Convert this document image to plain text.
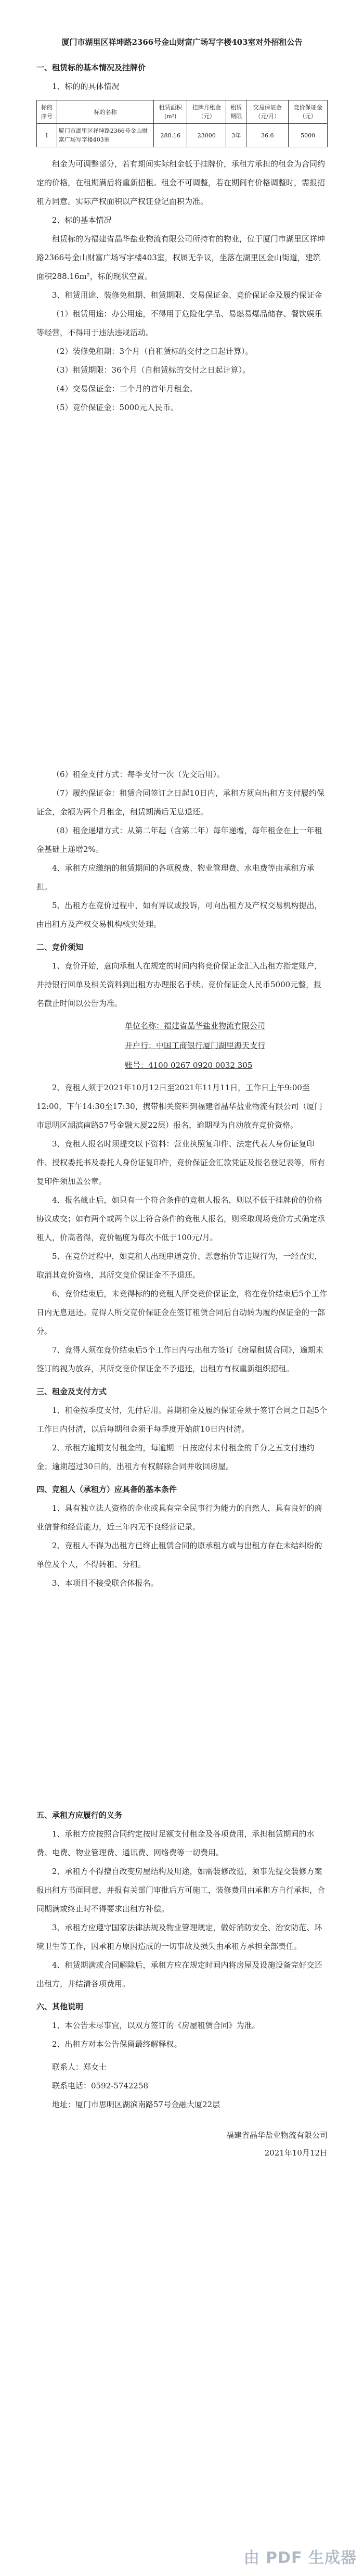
厦门市湖里区祥坤路2366号金山财富广场写字楼403室对外招租公告

一、租赁标的基本情况及挂牌价

1、标的的具体情况

标的序号	标的名称	租赁面积(m²)	挂牌月租金（元）	租赁期限	交易保证金（元/月）	竞价保证金（元）
1	厦门市湖里区祥坤路2366号金山财富广场写字楼403室	288.16	23000	3年	36.6	5000

租金为可调整部分，若有期间实际租金低于挂牌价，承租方承担的租金为合同约定的价格，在租期满后将重新招租。租金不可调整，若在期间有价格调整时，需报招租方同意。实际产权面积以产权证登记面积为准。

2、标的基本情况

租赁标的为福建省晶华盐业物流有限公司所持有的物业，位于厦门市湖里区祥坤路2366号金山财富广场写字楼403室，权属无争议，坐落在湖里区金山街道，建筑面积288.16m²，标的现状空置。

3、租赁用途、装修免租期、租赁期限、交易保证金、竞价保证金及履约保证金

（1）租赁用途：办公用途，不得用于危险化学品、易燃易爆品储存、餐饮娱乐等经营，不得用于违法违规活动。

（2）装修免租期：3个月（自租赁标的交付之日起计算）。

（3）租赁期限：36个月（自租赁标的交付之日起计算）。

（4）交易保证金：二个月的首年月租金。

（5）竞价保证金：5000元人民币。

（6）租金支付方式：每季支付一次（先交后用）。

（7）履约保证金：租赁合同签订之日起10日内，承租方须向出租方支付履约保证金，金额为两个月租金，租赁期满后无息退还。

（8）租金递增方式：从第二年起（含第二年）每年递增，每年租金在上一年租金基础上递增2%。

4、承租方应缴纳的租赁期间的各项税费、物业管理费、水电费等由承租方承担。

5、出租方在竞价过程中，如有异议或投诉，可向出租方及产权交易机构提出，由出租方及产权交易机构核实处理。

二、竞价须知

1、竞价开始，意向承租人在规定的时间内将竞价保证金汇入出租方指定账户，并持银行回单及相关资料到出租方办理报名手续。竞价保证金人民币5000元整，报名截止时间以公告为准。

单位名称：福建省晶华盐业物流有限公司

开户行：中国工商银行厦门湖里海天支行

账号：4100 0267 0920 0032 305

2、竞租人须于2021年10月12日至2021年11月11日，工作日上午9:00至12:00，下午14:30至17:30，携带相关资料到福建省晶华盐业物流有限公司（厦门市思明区湖滨南路57号金融大厦22层）报名，逾期视为自动放弃竞价资格。

3、竞租人报名时须提交以下资料：营业执照复印件、法定代表人身份证复印件、授权委托书及委托人身份证复印件，竞价保证金汇款凭证及报名登记表等，所有复印件须加盖公章。

4、报名截止后，如只有一个符合条件的竞租人报名，则以不低于挂牌价的价格协议成交；如有两个或两个以上符合条件的竞租人报名，则采取现场竞价方式确定承租人，价高者得，竞价幅度为每次不低于100元/月。

5、在竞价过程中，如竞租人出现串通竞价、恶意抬价等违规行为，一经查实，取消其竞价资格，其所交竞价保证金不予退还。

6、竞价结束后，未竞得标的的竞租人所交竞价保证金，将在竞价结束后5个工作日内无息退还。竞得人所交竞价保证金在签订租赁合同后自动转为履约保证金的一部分。

7、竞得人须在竞价结束后5个工作日内与出租方签订《房屋租赁合同》，逾期未签订的视为放弃，其所交竞价保证金不予退还，出租方有权重新组织招租。

三、租金及支付方式

1、租金按季度支付，先付后用。首期租金及履约保证金须于签订合同之日起5个工作日内付清，以后每期租金须于每季度开始前10日内付清。

2、承租方逾期支付租金的，每逾期一日按应付未付租金的千分之五支付违约金；逾期超过30日的，出租方有权解除合同并收回房屋。

四、竞租人（承租方）应具备的基本条件

1、具有独立法人资格的企业或具有完全民事行为能力的自然人，具有良好的商业信誉和经营能力，近三年内无不良经营记录。

2、竞租人不得为出租方已终止租赁合同的原承租方或与出租方存在未结纠纷的单位及个人，不得转租、分租。

3、本项目不接受联合体报名。

五、承租方应履行的义务

1、承租方应按照合同约定按时足额支付租金及各项费用，承担租赁期间的水费、电费、物业管理费、通讯费、网络费等一切费用。

2、承租方不得擅自改变房屋结构及用途，如需装修改造，须事先提交装修方案报出租方书面同意，并报有关部门审批后方可施工，装修费用由承租方自行承担，合同期满或终止时不得要求出租方补偿。

3、承租方应遵守国家法律法规及物业管理规定，做好消防安全、治安防范、环境卫生等工作，因承租方原因造成的一切事故及损失由承租方承担全部责任。

4、租赁期满或合同解除后，承租方应在规定时间内将房屋及设施设备完好交还出租方，并结清各项费用。

六、其他说明

1、本公告未尽事宜，以双方签订的《房屋租赁合同》为准。

2、出租方对本公告保留最终解释权。

联系人：郑女士

联系电话：0592-5742258

地址：厦门市思明区湖滨南路57号金融大厦22层

福建省晶华盐业物流有限公司

2021年10月12日

由 PDF 生成器
